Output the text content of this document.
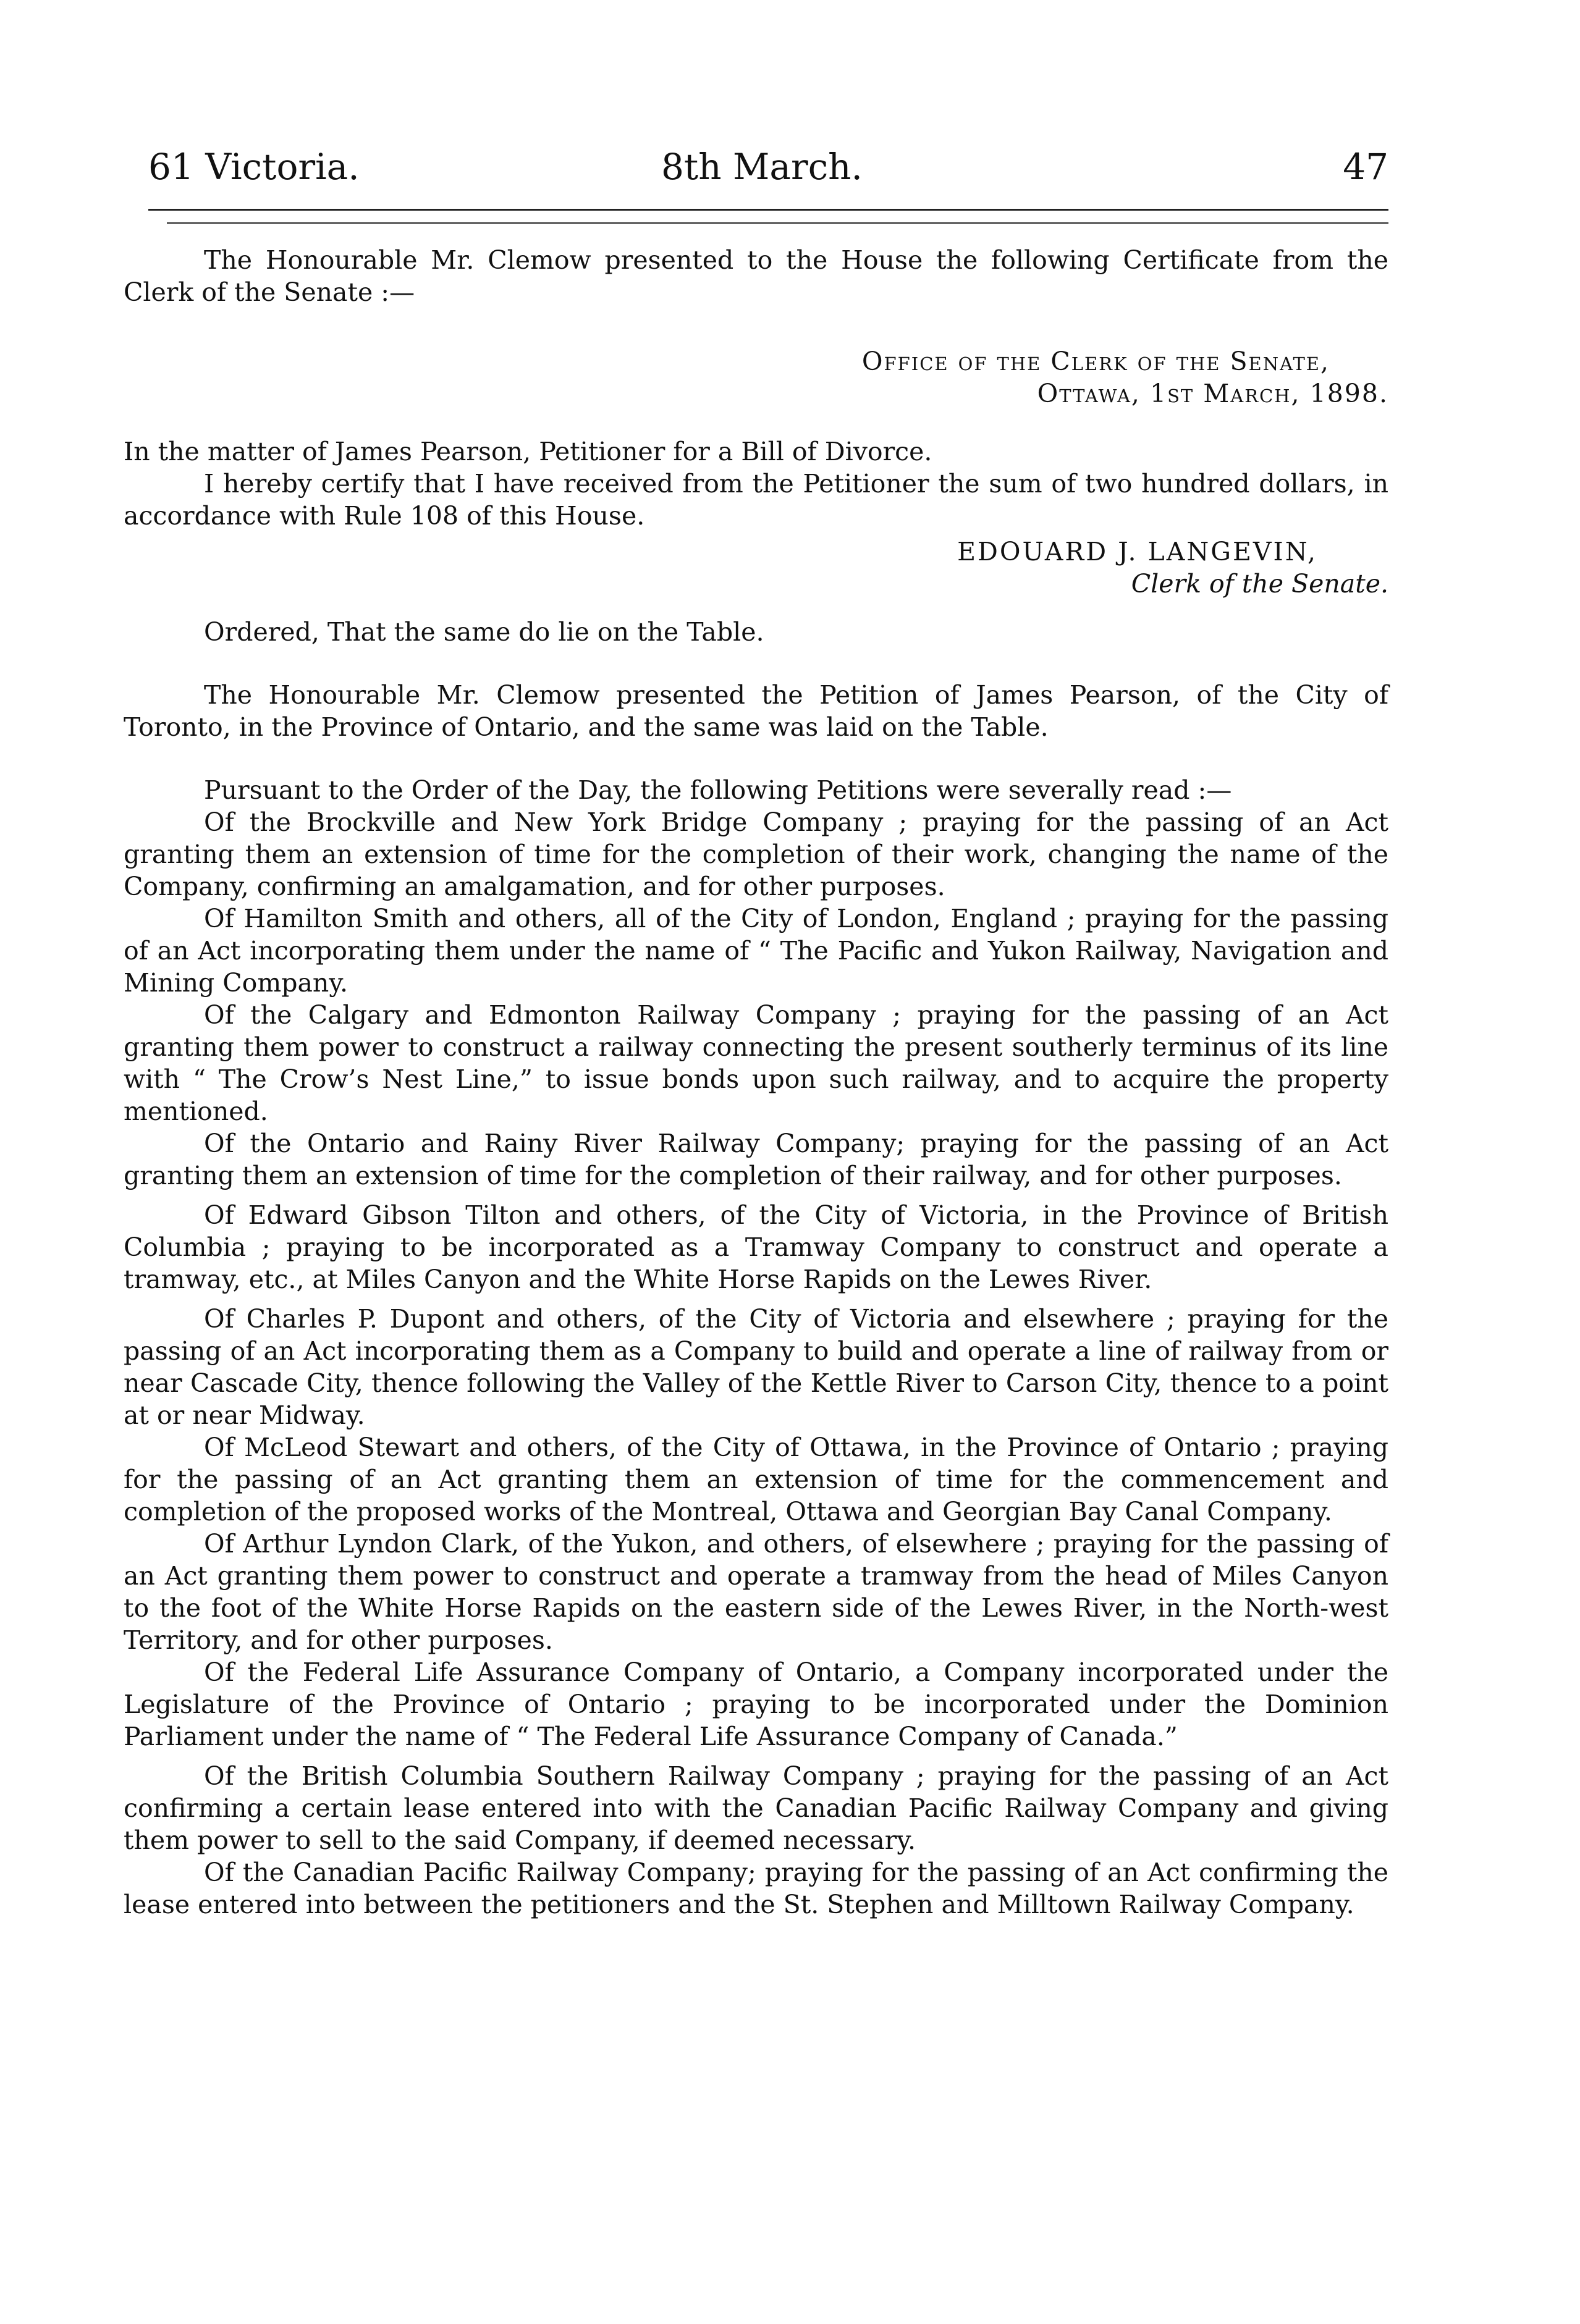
61 Victoria.	8th March.	47

The Honourable Mr. Clemow presented to the House the following Certificate from the Clerk of the Senate :—

Office of the Clerk of the Senate,

Ottawa, 1st March, 1898.

In the matter of James Pearson, Petitioner for a Bill of Divorce.

I hereby certify that I have received from the Petitioner the sum of two hundred dollars, in accordance with Rule 108 of this House.

EDOUARD J. LANGEVIN,

Clerk of the Senate.

Ordered, That the same do lie on the Table.

The Honourable Mr. Clemow presented the Petition of James Pearson, of the City of Toronto, in the Province of Ontario, and the same was laid on the Table.

Pursuant to the Order of the Day, the following Petitions were severally read :—

Of the Brockville and New York Bridge Company ; praying for the passing of an Act granting them an extension of time for the completion of their work, changing the name of the Company, confirming an amalgamation, and for other purposes.

Of Hamilton Smith and others, all of the City of London, England ; praying for the passing of an Act incorporating them under the name of “ The Pacific and Yukon Railway, Navigation and Mining Company.

Of the Calgary and Edmonton Railway Company ; praying for the passing of an Act granting them power to construct a railway connecting the present southerly terminus of its line with “ The Crow’s Nest Line,” to issue bonds upon such railway, and to acquire the property mentioned.

Of the Ontario and Rainy River Railway Company; praying for the passing of an Act granting them an extension of time for the completion of their railway, and for other purposes.

Of Edward Gibson Tilton and others, of the City of Victoria, in the Province of British Columbia ; praying to be incorporated as a Tramway Company to construct and operate a tramway, etc., at Miles Canyon and the White Horse Rapids on the Lewes River.

Of Charles P. Dupont and others, of the City of Victoria and elsewhere ; praying for the passing of an Act incorporating them as a Company to build and operate a line of railway from or near Cascade City, thence following the Valley of the Kettle River to Carson City, thence to a point at or near Midway.

Of McLeod Stewart and others, of the City of Ottawa, in the Province of Ontario ; praying for the passing of an Act granting them an extension of time for the commencement and completion of the proposed works of the Montreal, Ottawa and Georgian Bay Canal Company.

Of Arthur Lyndon Clark, of the Yukon, and others, of elsewhere ; praying for the passing of an Act granting them power to construct and operate a tramway from the head of Miles Canyon to the foot of the White Horse Rapids on the eastern side of the Lewes River, in the North-west Territory, and for other purposes.

Of the Federal Life Assurance Company of Ontario, a Company incorporated under the Legislature of the Province of Ontario ; praying to be incorporated under the Dominion Parliament under the name of “ The Federal Life Assurance Company of Canada.”

Of the British Columbia Southern Railway Company ; praying for the passing of an Act confirming a certain lease entered into with the Canadian Pacific Railway Company and giving them power to sell to the said Company, if deemed necessary.

Of the Canadian Pacific Railway Company; praying for the passing of an Act confirming the lease entered into between the petitioners and the St. Stephen and Milltown Railway Company.
